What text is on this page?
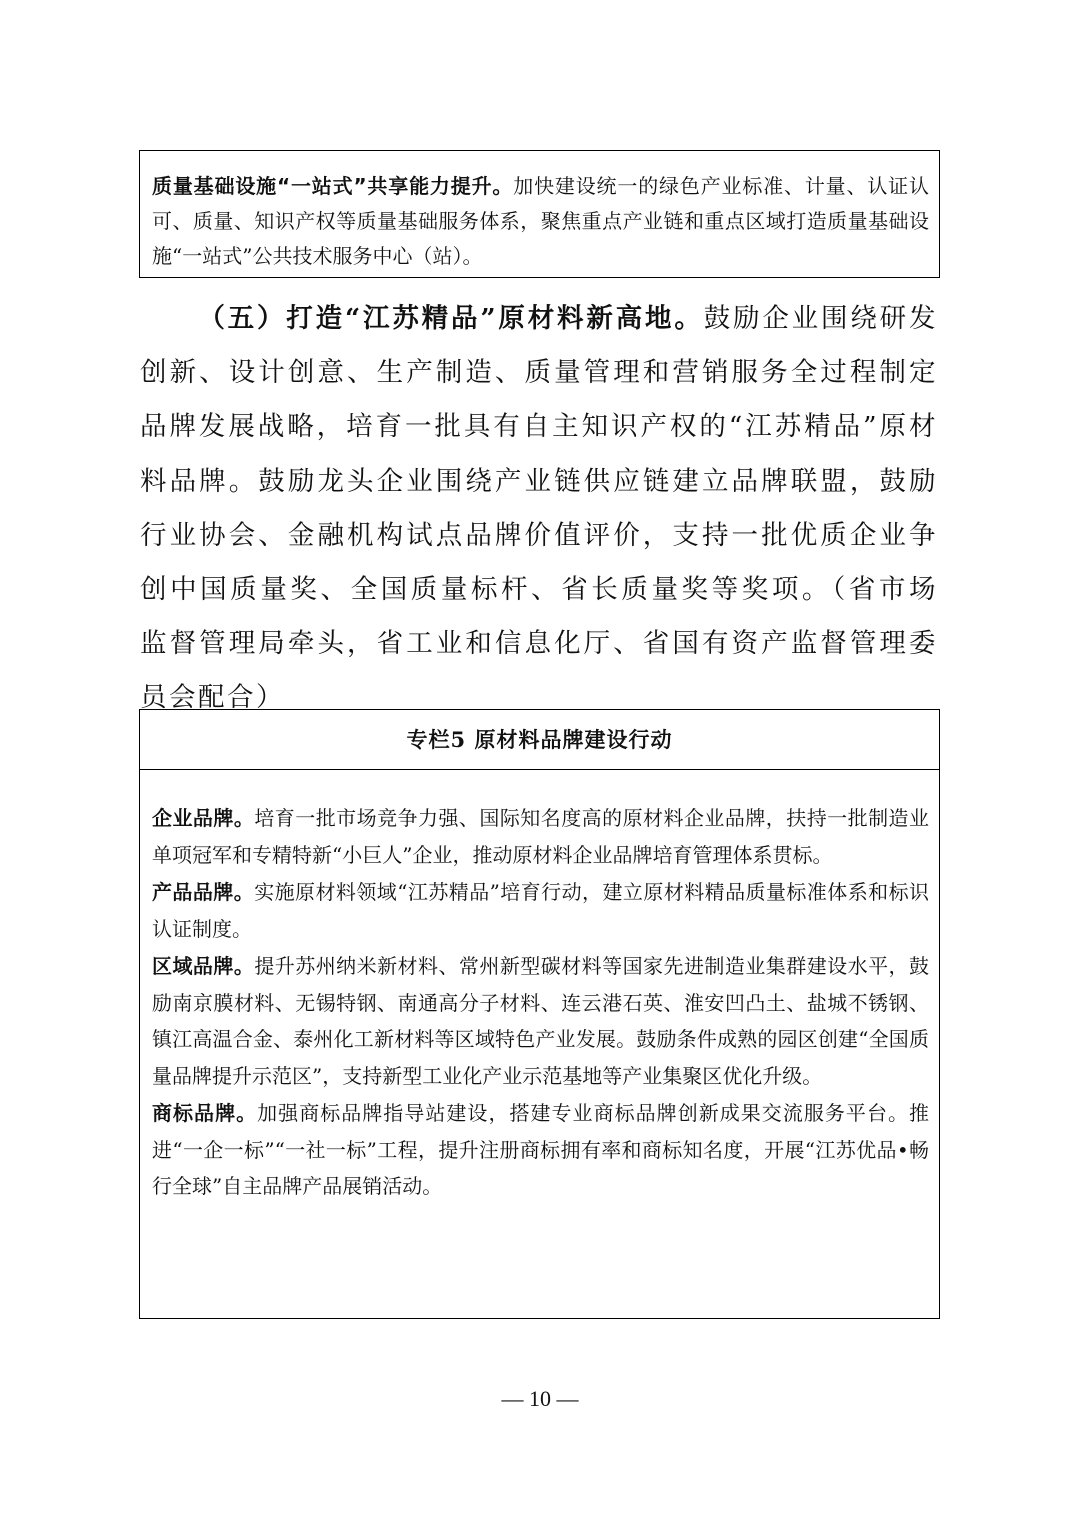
质量基础设施“一站式”共享能力提升。加快建设统一的绿色产业标准、计量、认证认可、质量、知识产权等质量基础服务体系，聚焦重点产业链和重点区域打造质量基础设施“一站式”公共技术服务中心（站）。

（五）打造“江苏精品”原材料新高地。鼓励企业围绕研发创新、设计创意、生产制造、质量管理和营销服务全过程制定品牌发展战略，培育一批具有自主知识产权的“江苏精品”原材料品牌。鼓励龙头企业围绕产业链供应链建立品牌联盟，鼓励行业协会、金融机构试点品牌价值评价，支持一批优质企业争创中国质量奖、全国质量标杆、省长质量奖等奖项。（省市场监督管理局牵头，省工业和信息化厅、省国有资产监督管理委员会配合）
专栏5 原材料品牌建设行动

企业品牌。培育一批市场竞争力强、国际知名度高的原材料企业品牌，扶持一批制造业单项冠军和专精特新“小巨人”企业，推动原材料企业品牌培育管理体系贯标。

产品品牌。实施原材料领域“江苏精品”培育行动，建立原材料精品质量标准体系和标识认证制度。

区域品牌。提升苏州纳米新材料、常州新型碳材料等国家先进制造业集群建设水平，鼓励南京膜材料、无锡特钢、南通高分子材料、连云港石英、淮安凹凸土、盐城不锈钢、镇江高温合金、泰州化工新材料等区域特色产业发展。鼓励条件成熟的园区创建“全国质量品牌提升示范区”，支持新型工业化产业示范基地等产业集聚区优化升级。

商标品牌。加强商标品牌指导站建设，搭建专业商标品牌创新成果交流服务平台。推进“一企一标”“一社一标”工程，提升注册商标拥有率和商标知名度，开展“江苏优品•畅行全球”自主品牌产品展销活动。

— 10 —
